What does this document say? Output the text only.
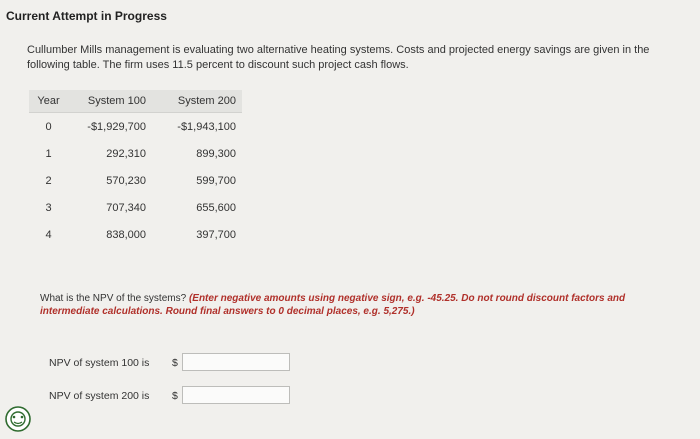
Current Attempt in Progress
Cullumber Mills management is evaluating two alternative heating systems. Costs and projected energy savings are given in the following table. The firm uses 11.5 percent to discount such project cash flows.
Year	System 100	System 200
0	-$1,929,700	-$1,943,100
1	292,310	899,300
2	570,230	599,700
3	707,340	655,600
4	838,000	397,700
What is the NPV of the systems? (Enter negative amounts using negative sign, e.g. -45.25. Do not round discount factors and intermediate calculations. Round final answers to 0 decimal places, e.g. 5,275.)
NPV of system 100 is $
NPV of system 200 is $
